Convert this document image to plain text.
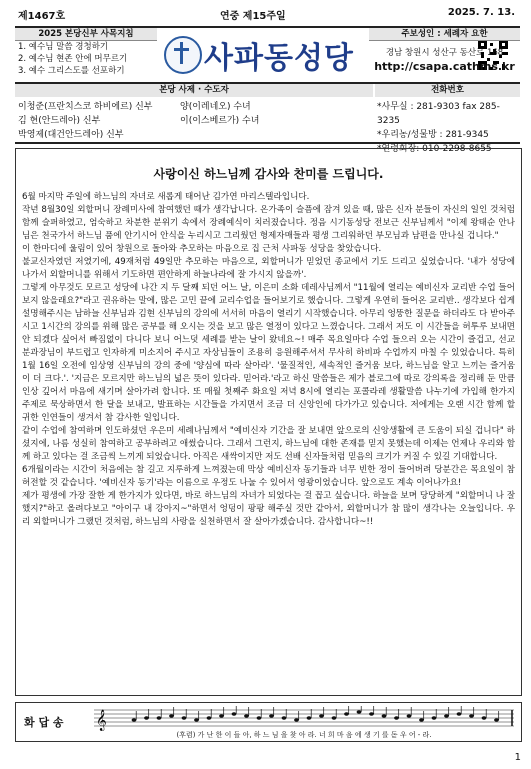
제1467호	연중 제15주일	2025. 7. 13.
2025 본당신부 사목지침
1. 예수님 말씀 경청하기
2. 예수님 현존 안에 머무르기
3. 예수 그리스도를 선포하기	사파동성당
주보성인 : 세례자 요한
경남 창원시 성산구 동산로 168
http://csapa.cathms.kr
본당 사제 · 수도자	전화번호
이청준(프란치스코 하비에르) 신부
김 현(안드레아) 신부
박영제(대건안드레아) 신부
양(이레네오) 수녀
이(이스베르가) 수녀
*사무실 : 281-9303 fax 285-3235
*우리농/성물방 : 281-9345
*연령회장: 010-2298-8655
사랑이신 하느님께 감사와 찬미를 드립니다.

6월 마지막 주일에 하느님의 자녀로 새롭게 태어난 김가연 마리스텔라입니다.

작년 8월30일 외할머니 장례미사에 참여했던 때가 생각납니다. 온가족이 슬픔에 잠겨 있을 때, 많은 신자 분들이 자신의 일인 것처럼 함께 슬퍼하였고, 엄숙하고 차분한 분위기 속에서 장례예식이 치러졌습니다. 정음 시기동성당 전보근 신부님께서 "이제 왕태순 안나님은 천국가서 하느님 품에 안기시어 안식을 누리시고 그리웠던 형제자매들과 평생 그리워하던 부모님과 남편을 만나실 겁니다."

이 한마디에 울림이 있어 창원으로 돌아와 추모하는 마음으로 집 근처 사파동 성당을 찾았습니다.

불교신자였던 저였기에, 49재처럼 49일만 추모하는 마음으로, 외할머니가 믿었던 종교에서 기도 드리고 싶었습니다. '내가 성당에 나가서 외할머니를 위해서 기도하면 편안하게 하늘나라에 잘 가시지 않을까'.

그렇게 아무것도 모르고 성당에 나간 지 두 달째 되던 어느 날, 이은미 소화 데레사님께서 "11월에 열리는 예비신자 교리반 수업 들어보지 않을래요?"라고 권유하는 말에, 많은 고민 끝에 교리수업을 들어보기로 했습니다. 그렇게 우연히 들어온 교리반.. 생각보다 쉽게 설명해주시는 남하늘 신부님과 김현 신부님의 강의에 서서히 마음이 열리기 시작했습니다. 아무리 엉뚱한 질문을 하더라도 다 받아주시고 1시간의 강의를 위해 많은 공부를 해 오시는 것을 보고 많은 열정이 있다고 느꼈습니다. 그래서 저도 이 시간들을 허투루 보내면 안 되겠다 싶어서 빠짐없이 다니다 보니 어느덧 세례를 받는 날이 왔네요~! 매주 목요일마다 수업 들으러 오는 시간이 즐겁고, 선교분과장님이 부드럽고 인자하게 미소지어 주시고 자상님들이 조용히 응원해주셔서 무사히 하비파 수업까지 마칠 수 있었습니다. 특히 1월 16일 오전에 임상영 신부님의 강의 중에 '양심에 따라 살아라'. '물질적인, 세속적인 즐거움 보다, 하느님을 알고 느끼는 즐거움이 더 크다.'. '지금은 모르지만 하느님의 넓은 뜻이 있다라. 믿어라.'라고 하신 말씀들은 제가 블로그에 따로 강의록을 정리해 둔 만큼 인상 깊어서 마음에 새기며 살아가려 합니다. 또 매월 첫째주 화요일 저녁 8시에 열리는 포콜라레 생활말씀 나누기에 가입해 한가지 주제로 묵상하면서 한 달을 보내고, 발표하는 시간들을 가지면서 조금 더 신앙인에 다가가고 있습니다. 저에게는 오랜 시간 함께 할 귀한 인연들이 생겨서 참 감사한 일입니다.

같이 수업에 참여하며 인도하셨던 우은미 세례나님께서 "예비신자 기간을 잘 보내면 앞으로의 신앙생활에 큰 도움이 되실 겁니다" 하셨지에, 나름 성실히 참여하고 공부하려고 애썼습니다. 그래서 그런지, 하느님에 대한 존재를 믿지 못했는데 이제는 언제나 우리와 함께 하고 있다는 걸 조금씩 느끼게 되었습니다. 아직은 새싹이지만 저도 선배 신자들처럼 믿음의 크기가 커질 수 있길 기대합니다.

6개월이라는 시간이 처음에는 참 길고 지루하게 느껴졌는데 막상 예비신자 동기들과 너무 빈한 정이 들어버려 당분간은 목요일이 참 허전할 것 같습니다. '예비신자 동기'라는 이름으로 우정도 나눌 수 있어서 영광이었습니다. 앞으로도 계속 이어나가요!

제가 평생에 가장 잘한 게 한가지가 있다면, 바로 하느님의 자녀가 되었다는 걸 꼽고 싶습니다. 하늘을 보며 당당하게 "외할머니 나 잘했지?"하고 올려다보고 "아이구 내 강아지~"하면서 엉덩이 팡팡 해주실 것만 같아서, 외할머니가 참 많이 생각나는 오늘입니다. 우리 외할머니가 그랬던 것처럼, 하느님의 사랑을 실천하면서 잘 살아가겠습니다. 감사합니다~!!

화 답 송 𝄞
(후렴) 가 난 한 이 들 아, 하 느 님 을 찾 아 라. 너 희 마 음 에 생 기 를 돋 우 어 - 라.
1
